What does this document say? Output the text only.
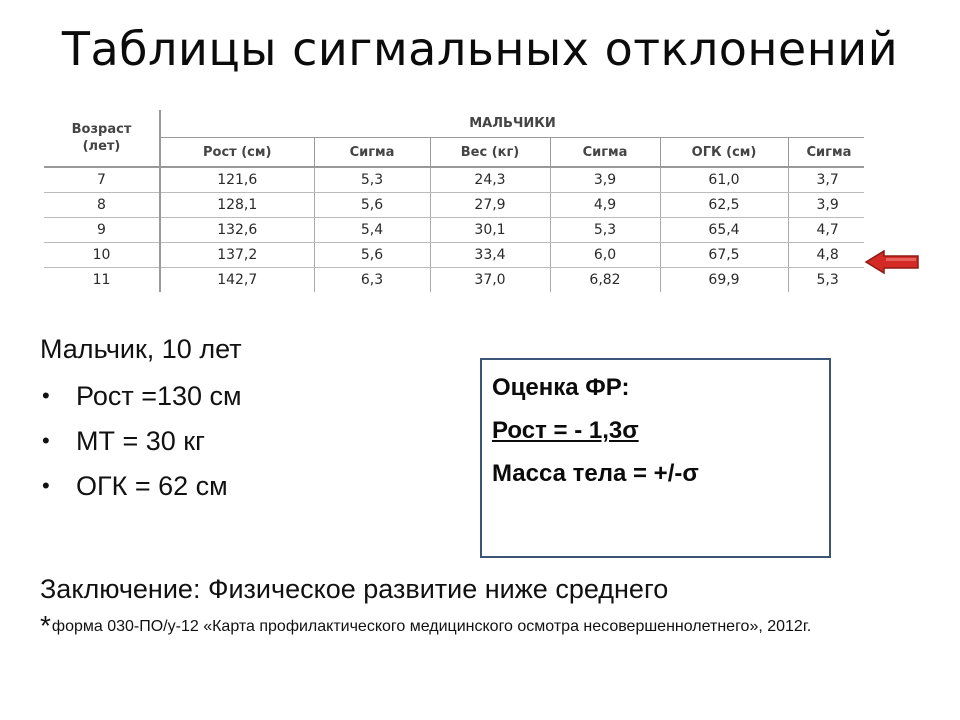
Таблицы сигмальных отклонений
Возраст
(лет)	МАЛЬЧИКИ					
	Рост (см)	Сигма	Вес (кг)	Сигма	ОГК (см)	Сигма
7	121,6	5,3	24,3	3,9	61,0	3,7
8	128,1	5,6	27,9	4,9	62,5	3,9
9	132,6	5,4	30,1	5,3	65,4	4,7
10	137,2	5,6	33,4	6,0	67,5	4,8
11	142,7	6,3	37,0	6,82	69,9	5,3
Мальчик, 10 лет
• Рост =130 см
• МТ = 30 кг
• ОГК = 62 см
Оценка ФР:
Рост = - 1,3σ
Масса тела = +/-σ
Заключение: Физическое развитие ниже среднего
*форма 030-ПО/у-12 «Карта профилактического медицинского осмотра несовершеннолетнего», 2012г.
